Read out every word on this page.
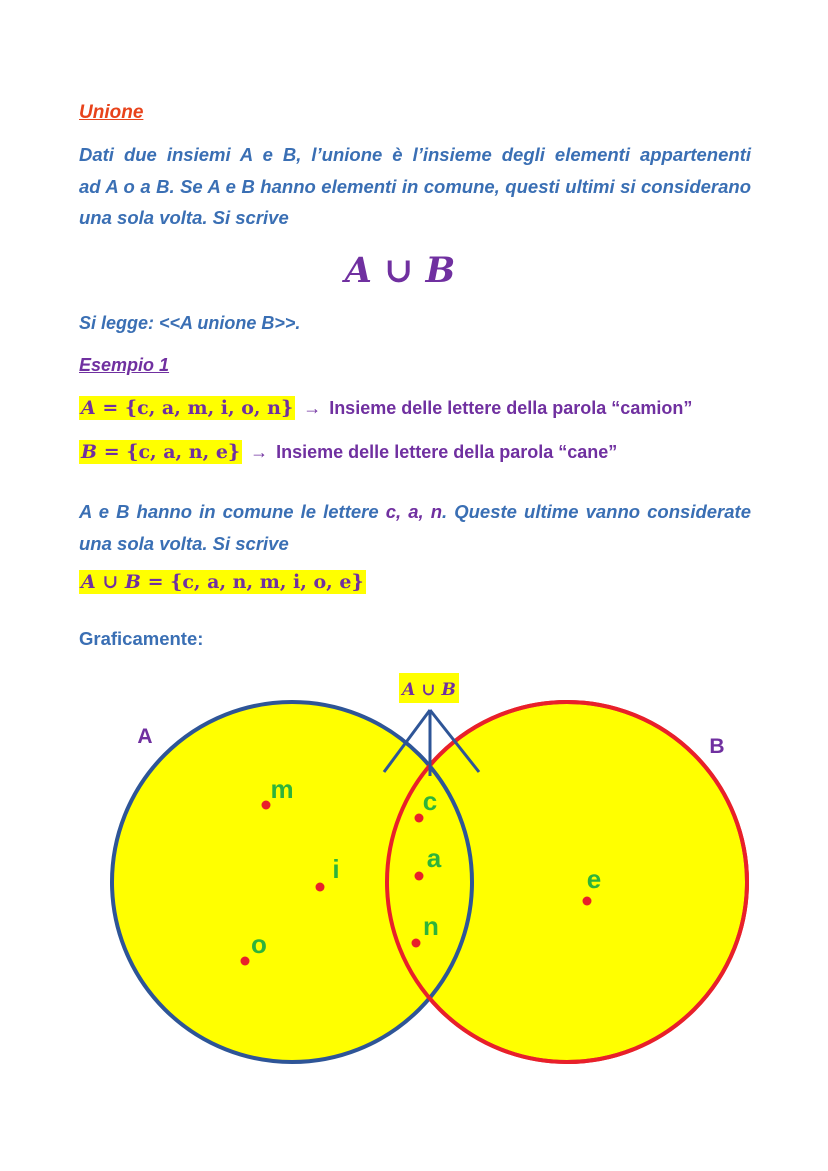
Unione
Dati due insiemi A e B, l’unione è l’insieme degli elementi appartenenti
ad A o a B. Se A e B hanno elementi in comune, questi ultimi si considerano
una sola volta. Si scrive
A ∪ B
Si legge: <<A unione B>>.
Esempio 1
A = {c, a, m, i, o, n} → Insieme delle lettere della parola “camion”
B = {c, a, n, e} → Insieme delle lettere della parola “cane”
A e B hanno in comune le lettere c, a, n. Queste ultime vanno considerate
una sola volta. Si scrive
A ∪ B = {c, a, n, m, i, o, e}
Graficamente:
A ∪ B
A	B
m
i
o
c
a
n
e
